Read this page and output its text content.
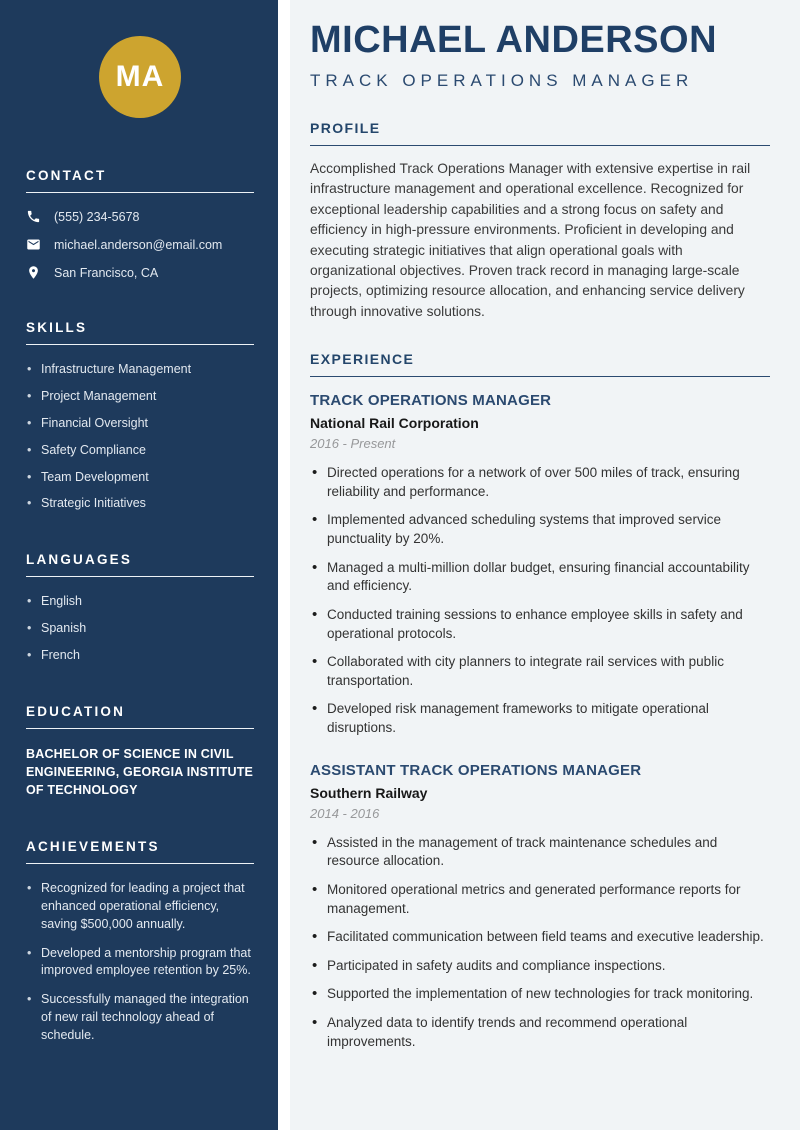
MA
CONTACT
(555) 234-5678
michael.anderson@email.com
San Francisco, CA
SKILLS
• Infrastructure Management
• Project Management
• Financial Oversight
• Safety Compliance
• Team Development
• Strategic Initiatives
LANGUAGES
• English
• Spanish
• French
EDUCATION

BACHELOR OF SCIENCE IN CIVIL ENGINEERING, GEORGIA INSTITUTE OF TECHNOLOGY

ACHIEVEMENTS
• Recognized for leading a project that enhanced operational efficiency, saving $500,000 annually.
• Developed a mentorship program that improved employee retention by 25%.
• Successfully managed the integration of new rail technology ahead of schedule.
MICHAEL ANDERSON
TRACK OPERATIONS MANAGER
PROFILE

Accomplished Track Operations Manager with extensive expertise in rail infrastructure management and operational excellence. Recognized for exceptional leadership capabilities and a strong focus on safety and efficiency in high-pressure environments. Proficient in developing and executing strategic initiatives that align operational goals with organizational objectives. Proven track record in managing large-scale projects, optimizing resource allocation, and enhancing service delivery through innovative solutions.

EXPERIENCE
TRACK OPERATIONS MANAGER
National Rail Corporation
2016 - Present
• Directed operations for a network of over 500 miles of track, ensuring reliability and performance.
• Implemented advanced scheduling systems that improved service punctuality by 20%.
• Managed a multi-million dollar budget, ensuring financial accountability and efficiency.
• Conducted training sessions to enhance employee skills in safety and operational protocols.
• Collaborated with city planners to integrate rail services with public transportation.
• Developed risk management frameworks to mitigate operational disruptions.
ASSISTANT TRACK OPERATIONS MANAGER
Southern Railway
2014 - 2016
• Assisted in the management of track maintenance schedules and resource allocation.
• Monitored operational metrics and generated performance reports for management.
• Facilitated communication between field teams and executive leadership.
• Participated in safety audits and compliance inspections.
• Supported the implementation of new technologies for track monitoring.
• Analyzed data to identify trends and recommend operational improvements.
